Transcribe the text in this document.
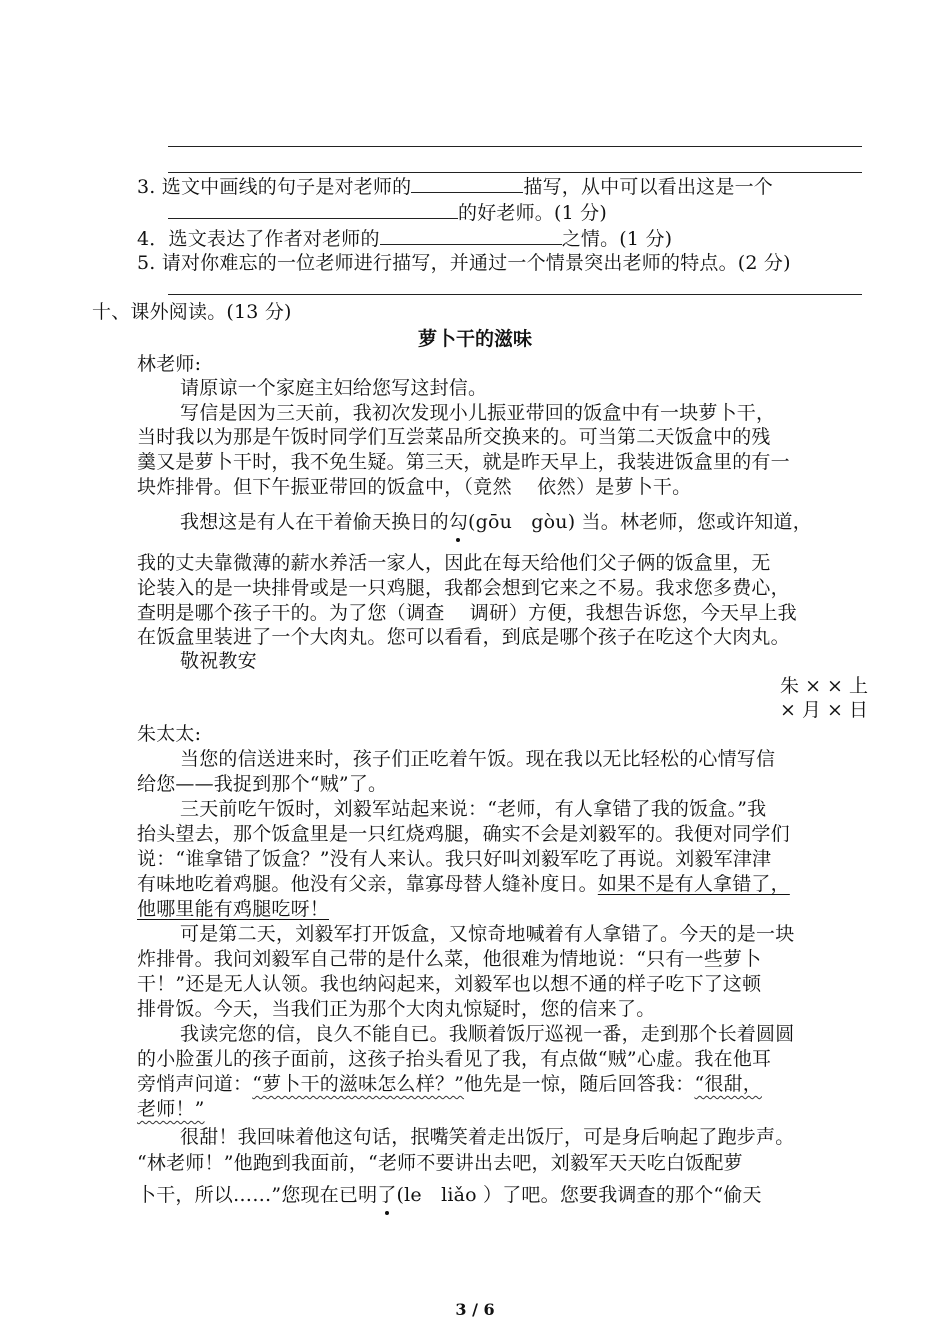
3. 选文中画线的句子是对老师的	描写，从中可以看出这是一个
的好老师。(1 分)
4．选文表达了作者对老师的	之情。(1 分)
5. 请对你难忘的一位老师进行描写，并通过一个情景突出老师的特点。(2 分)
十、课外阅读。(13 分)
萝卜干的滋味
林老师:
请原谅一个家庭主妇给您写这封信。
写信是因为三天前，我初次发现小儿振亚带回的饭盒中有一块萝卜干，
当时我以为那是午饭时同学们互尝菜品所交换来的。可当第二天饭盒中的残
羹又是萝卜干时，我不免生疑。第三天，就是昨天早上，我装进饭盒里的有一
块炸排骨。但下午振亚带回的饭盒中，（竟然 依然）是萝卜干。
我想这是有人在干着偷天换日的勾(gōu　gòu) 当。林老师，您或许知道，
我的丈夫靠微薄的薪水养活一家人，因此在每天给他们父子俩的饭盒里，无
论装入的是一块排骨或是一只鸡腿，我都会想到它来之不易。我求您多费心，
查明是哪个孩子干的。为了您（调查 调研）方便，我想告诉您，今天早上我
在饭盒里装进了一个大肉丸。您可以看看，到底是哪个孩子在吃这个大肉丸。
敬祝教安
朱 × × 上
× 月 × 日
朱太太:
当您的信送进来时，孩子们正吃着午饭。现在我以无比轻松的心情写信
给您——我捉到那个“贼”了。
三天前吃午饭时，刘毅军站起来说：“老师，有人拿错了我的饭盒。”我
抬头望去，那个饭盒里是一只红烧鸡腿，确实不会是刘毅军的。我便对同学们
说：“谁拿错了饭盒？”没有人来认。我只好叫刘毅军吃了再说。刘毅军津津
有味地吃着鸡腿。他没有父亲，靠寡母替人缝补度日。如果不是有人拿错了，
他哪里能有鸡腿吃呀！
可是第二天，刘毅军打开饭盒，又惊奇地喊着有人拿错了。今天的是一块
炸排骨。我问刘毅军自己带的是什么菜，他很难为情地说：“只有一些萝卜
干！”还是无人认领。我也纳闷起来，刘毅军也以想不通的样子吃下了这顿
排骨饭。今天，当我们正为那个大肉丸惊疑时，您的信来了。
我读完您的信，良久不能自已。我顺着饭厅巡视一番，走到那个长着圆圆
的小脸蛋儿的孩子面前，这孩子抬头看见了我，有点做“贼”心虚。我在他耳
旁悄声问道：“萝卜干的滋味怎么样？”他先是一惊，随后回答我：“很甜，
老师！”
很甜！我回味着他这句话，抿嘴笑着走出饭厅，可是身后响起了跑步声。
“林老师！”他跑到我面前，“老师不要讲出去吧，刘毅军天天吃白饭配萝
卜干，所以……”您现在已明了(le　liǎo ）了吧。您要我调查的那个“偷天
3 / 6
